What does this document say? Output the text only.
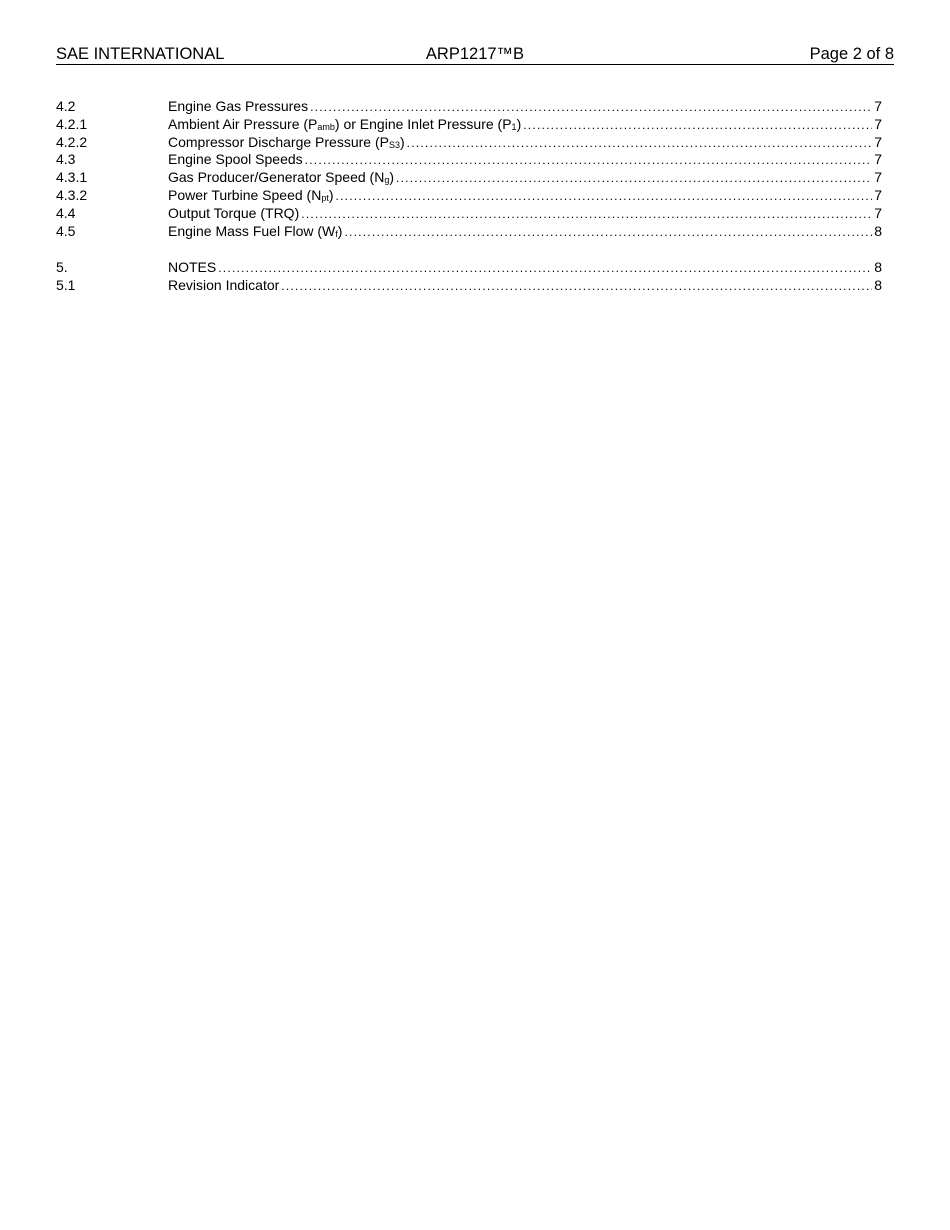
SAE INTERNATIONAL	ARP1217™B	Page 2 of 8
4.2	Engine Gas Pressures . . .	7
4.2.1	Ambient Air Pressure $(P_{amb})$ or Engine Inlet Pressure $(P_1)$ . . .	7
4.2.2	Compressor Discharge Pressure $(P_{S3})$ . . .	7
4.3	Engine Spool Speeds . . .	7
4.3.1	Gas Producer/Generator Speed $(N_g)$ . . .	7
4.3.2	Power Turbine Speed $(N_{pt})$ . . .	7
4.4	Output Torque (TRQ) . . .	7
4.5	Engine Mass Fuel Flow $(W_f)$ . . .	8
5.	NOTES . . .	8
5.1	Revision Indicator . . .	8
